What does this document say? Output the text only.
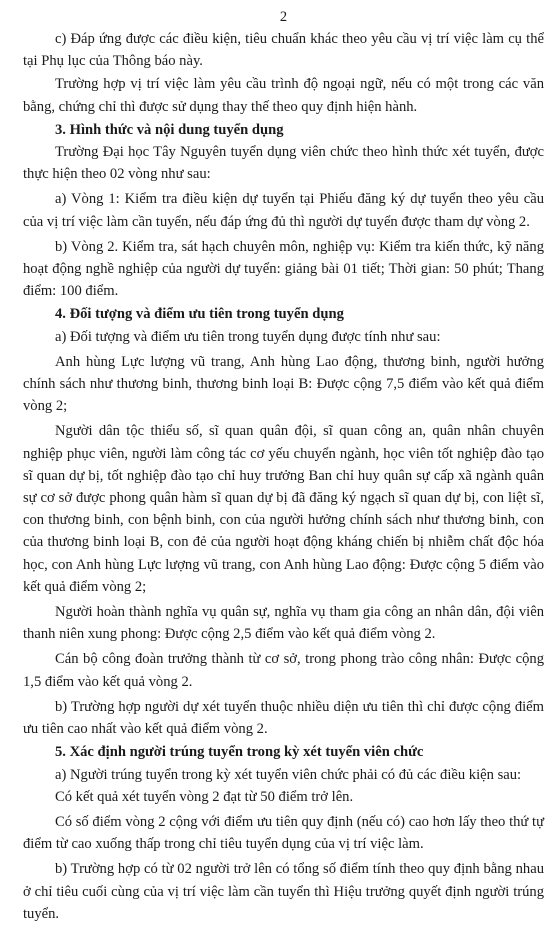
2

c) Đáp ứng được các điều kiện, tiêu chuẩn khác theo yêu cầu vị trí việc làm cụ thể tại Phụ lục của Thông báo này.

Trường hợp vị trí việc làm yêu cầu trình độ ngoại ngữ, nếu có một trong các văn bằng, chứng chỉ thì được sử dụng thay thế theo quy định hiện hành.

3. Hình thức và nội dung tuyển dụng

Trường Đại học Tây Nguyên tuyển dụng viên chức theo hình thức xét tuyển, được thực hiện theo 02 vòng như sau:

a) Vòng 1: Kiểm tra điều kiện dự tuyển tại Phiếu đăng ký dự tuyển theo yêu cầu của vị trí việc làm cần tuyển, nếu đáp ứng đủ thì người dự tuyển được tham dự vòng 2.

b) Vòng 2. Kiểm tra, sát hạch chuyên môn, nghiệp vụ: Kiểm tra kiến thức, kỹ năng hoạt động nghề nghiệp của người dự tuyển: giảng bài 01 tiết; Thời gian: 50 phút; Thang điểm: 100 điểm.

4. Đối tượng và điểm ưu tiên trong tuyển dụng

a) Đối tượng và điểm ưu tiên trong tuyển dụng được tính như sau:

Anh hùng Lực lượng vũ trang, Anh hùng Lao động, thương binh, người hưởng chính sách như thương binh, thương binh loại B: Được cộng 7,5 điểm vào kết quả điểm vòng 2;

Người dân tộc thiểu số, sĩ quan quân đội, sĩ quan công an, quân nhân chuyên nghiệp phục viên, người làm công tác cơ yếu chuyển ngành, học viên tốt nghiệp đào tạo sĩ quan dự bị, tốt nghiệp đào tạo chỉ huy trưởng Ban chỉ huy quân sự cấp xã ngành quân sự cơ sở được phong quân hàm sĩ quan dự bị đã đăng ký ngạch sĩ quan dự bị, con liệt sĩ, con thương binh, con bệnh binh, con của người hưởng chính sách như thương binh, con của thương binh loại B, con đẻ của người hoạt động kháng chiến bị nhiễm chất độc hóa học, con Anh hùng Lực lượng vũ trang, con Anh hùng Lao động: Được cộng 5 điểm vào kết quả điểm vòng 2;

Người hoàn thành nghĩa vụ quân sự, nghĩa vụ tham gia công an nhân dân, đội viên thanh niên xung phong: Được cộng 2,5 điểm vào kết quả điểm vòng 2.

Cán bộ công đoàn trưởng thành từ cơ sở, trong phong trào công nhân: Được cộng 1,5 điểm vào kết quả vòng 2.

b) Trường hợp người dự xét tuyển thuộc nhiều diện ưu tiên thì chỉ được cộng điểm ưu tiên cao nhất vào kết quả điểm vòng 2.

5. Xác định người trúng tuyển trong kỳ xét tuyển viên chức

a) Người trúng tuyển trong kỳ xét tuyển viên chức phải có đủ các điều kiện sau:

Có kết quả xét tuyển vòng 2 đạt từ 50 điểm trở lên.

Có số điểm vòng 2 cộng với điểm ưu tiên quy định (nếu có) cao hơn lấy theo thứ tự điểm từ cao xuống thấp trong chỉ tiêu tuyển dụng của vị trí việc làm.

b) Trường hợp có từ 02 người trở lên có tổng số điểm tính theo quy định bằng nhau ở chỉ tiêu cuối cùng của vị trí việc làm cần tuyển thì Hiệu trưởng quyết định người trúng tuyển.
